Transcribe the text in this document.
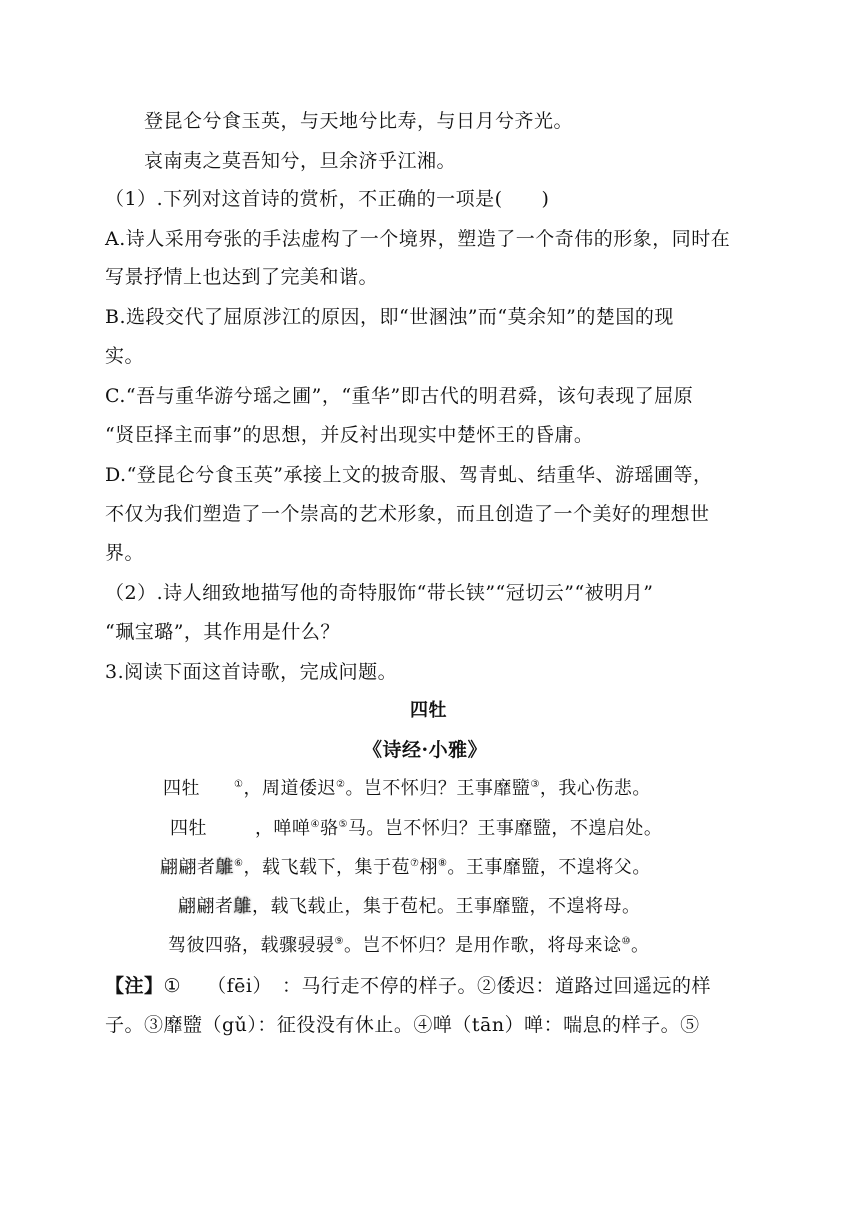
登昆仑兮食玉英，与天地兮比寿，与日月兮齐光。
哀南夷之莫吾知兮，旦余济乎江湘。
（1）.下列对这首诗的赏析，不正确的一项是(　　)
A.诗人采用夸张的手法虚构了一个境界，塑造了一个奇伟的形象，同时在
写景抒情上也达到了完美和谐。
B.选段交代了屈原涉江的原因，即“世溷浊”而“莫余知”的楚国的现
实。
C.“吾与重华游兮瑶之圃”，“重华”即古代的明君舜，该句表现了屈原
“贤臣择主而事”的思想，并反衬出现实中楚怀王的昏庸。
D.“登昆仑兮食玉英”承接上文的披奇服、驾青虬、结重华、游瑶圃等，
不仅为我们塑造了一个崇高的艺术形象，而且创造了一个美好的理想世
界。
（2）.诗人细致地描写他的奇特服饰“带长铗”“冠切云”“被明月”
“珮宝璐”，其作用是什么？
3.阅读下面这首诗歌，完成问题。
四牡
《诗经·小雅》
四牡	①，周道倭迟②。岂不怀归？王事靡盬③，我心伤悲。
四牡	，啴啴④骆⑤马。岂不怀归？王事靡盬，不遑启处。
翩翩者鵻⑥，载飞载下，集于苞⑦栩⑧。王事靡盬，不遑将父。
翩翩者鵻，载飞载止，集于苞杞。王事靡盬，不遑将母。
驾彼四骆，载骤骎骎⑨。岂不怀归？是用作歌，将母来谂⑩。
【注】①　 （fēi）　：马行走不停的样子。②倭迟：道路过回遥远的样
子。③靡盬（gǔ）：征役没有休止。④啴（tān）啴：喘息的样子。⑤
